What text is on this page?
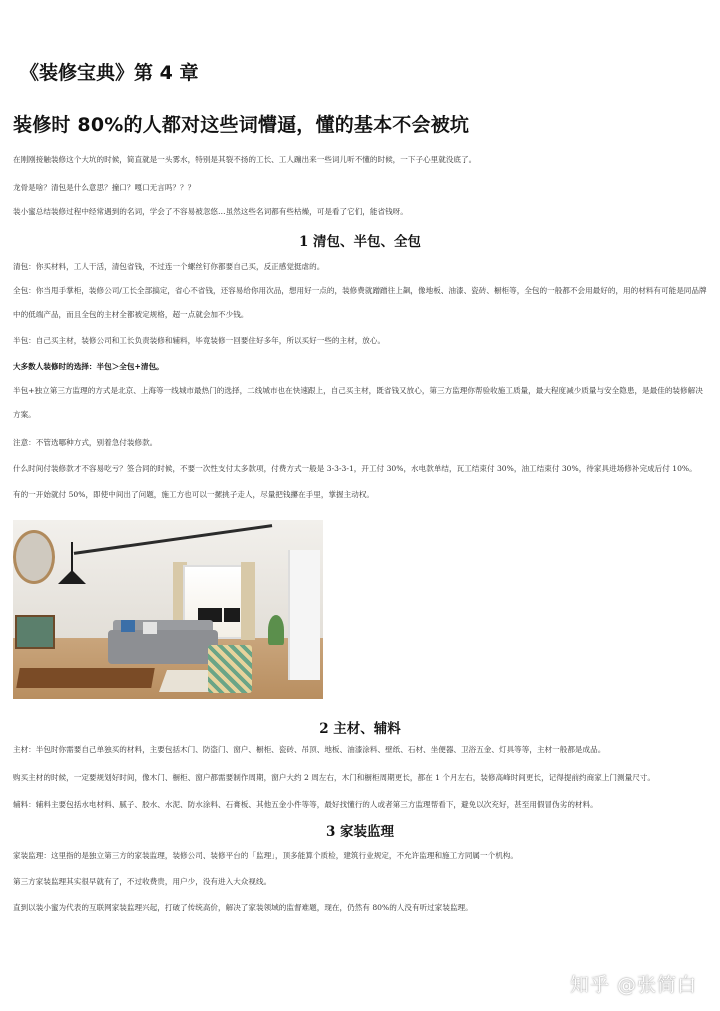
《装修宝典》第 4 章
装修时 80%的人都对这些词懵逼，懂的基本不会被坑

在刚刚接触装修这个大坑的时候，简直就是一头雾水，特别是其裂不扬的工长、工人蹦出来一些词儿听不懂的时候，一下子心里就没底了。

龙骨是啥？清包是什么意思？撞口？嘎口无言吗？？？

装小蜜总结装修过程中经常遇到的名词，学会了不容易被忽悠…虽然这些名词都有些枯燥，可是看了它们，能省钱呀。

1 清包、半包、全包

清包：你买材料，工人干活，清包省钱，不过连一个螺丝钉你都要自己买，反正感觉挺虐的。

全包：你当甩手掌柜，装修公司/工长全部搞定，省心不省钱，还容易给你用次品，想用好一点的，装修费就蹭蹭往上飙，像地板、油漆、瓷砖、橱柜等，全包的一般都不会用最好的，用的材料有可能是同品牌中的低端产品，而且全包的主材全都被定规格，超一点就会加不少钱。

半包：自己买主材，装修公司和工长负责装修和辅料，毕竟装修一回要住好多年，所以买好一些的主材，放心。

大多数人装修时的选择：半包＞全包+清包。

半包+独立第三方监理的方式是北京、上海等一线城市最热门的选择，二线城市也在快速跟上，自己买主材，既省钱又放心，第三方监理你帮验收施工质量，最大程度减少质量与安全隐患，是最佳的装修解决方案。

注意：不管选哪种方式，别着急付装修款。

什么时间付装修款才不容易吃亏？签合同的时候，不要一次性支付太多款项，付费方式一般是 3-3-3-1，开工付 30%，水电款单结，瓦工结束付 30%，油工结束付 30%，待家具进场修补完成后付 10%。

有的一开始就付 50%，即使中间出了问题，施工方也可以一摞挑子走人，尽量把钱攥在手里，掌握主动权。

2 主材、辅料

主材：半包时你需要自己单独买的材料，主要包括木门、防盗门、窗户、橱柜、瓷砖、吊顶、地板、油漆涂料、壁纸、石材、坐便器、卫浴五金、灯具等等，主材一般都是成品。

购买主材的时候，一定要规划好时间，像木门、橱柜、窗户都需要制作周期，窗户大约 2 周左右，木门和橱柜周期更长，都在 1 个月左右，装修高峰时间更长，记得提前约商家上门测量尺寸。

辅料：辅料主要包括水电材料、腻子、胶水、水泥、防水涂料、石膏板、其他五金小件等等，最好找懂行的人或者第三方监理帮看下，避免以次充好，甚至用假冒伪劣的材料。

3 家装监理

家装监理：这里指的是独立第三方的家装监理，装修公司、装修平台的「监理」，顶多能算个质检，建筑行业规定，不允许监理和施工方同属一个机构。

第三方家装监理其实很早就有了，不过收费贵，用户少，没有进入大众视线。

直到以装小蜜为代表的互联网家装监理兴起，打破了传统高价，解决了家装领域的监督难题，现在，仍然有 80%的人没有听过家装监理。

知乎 @张简白
